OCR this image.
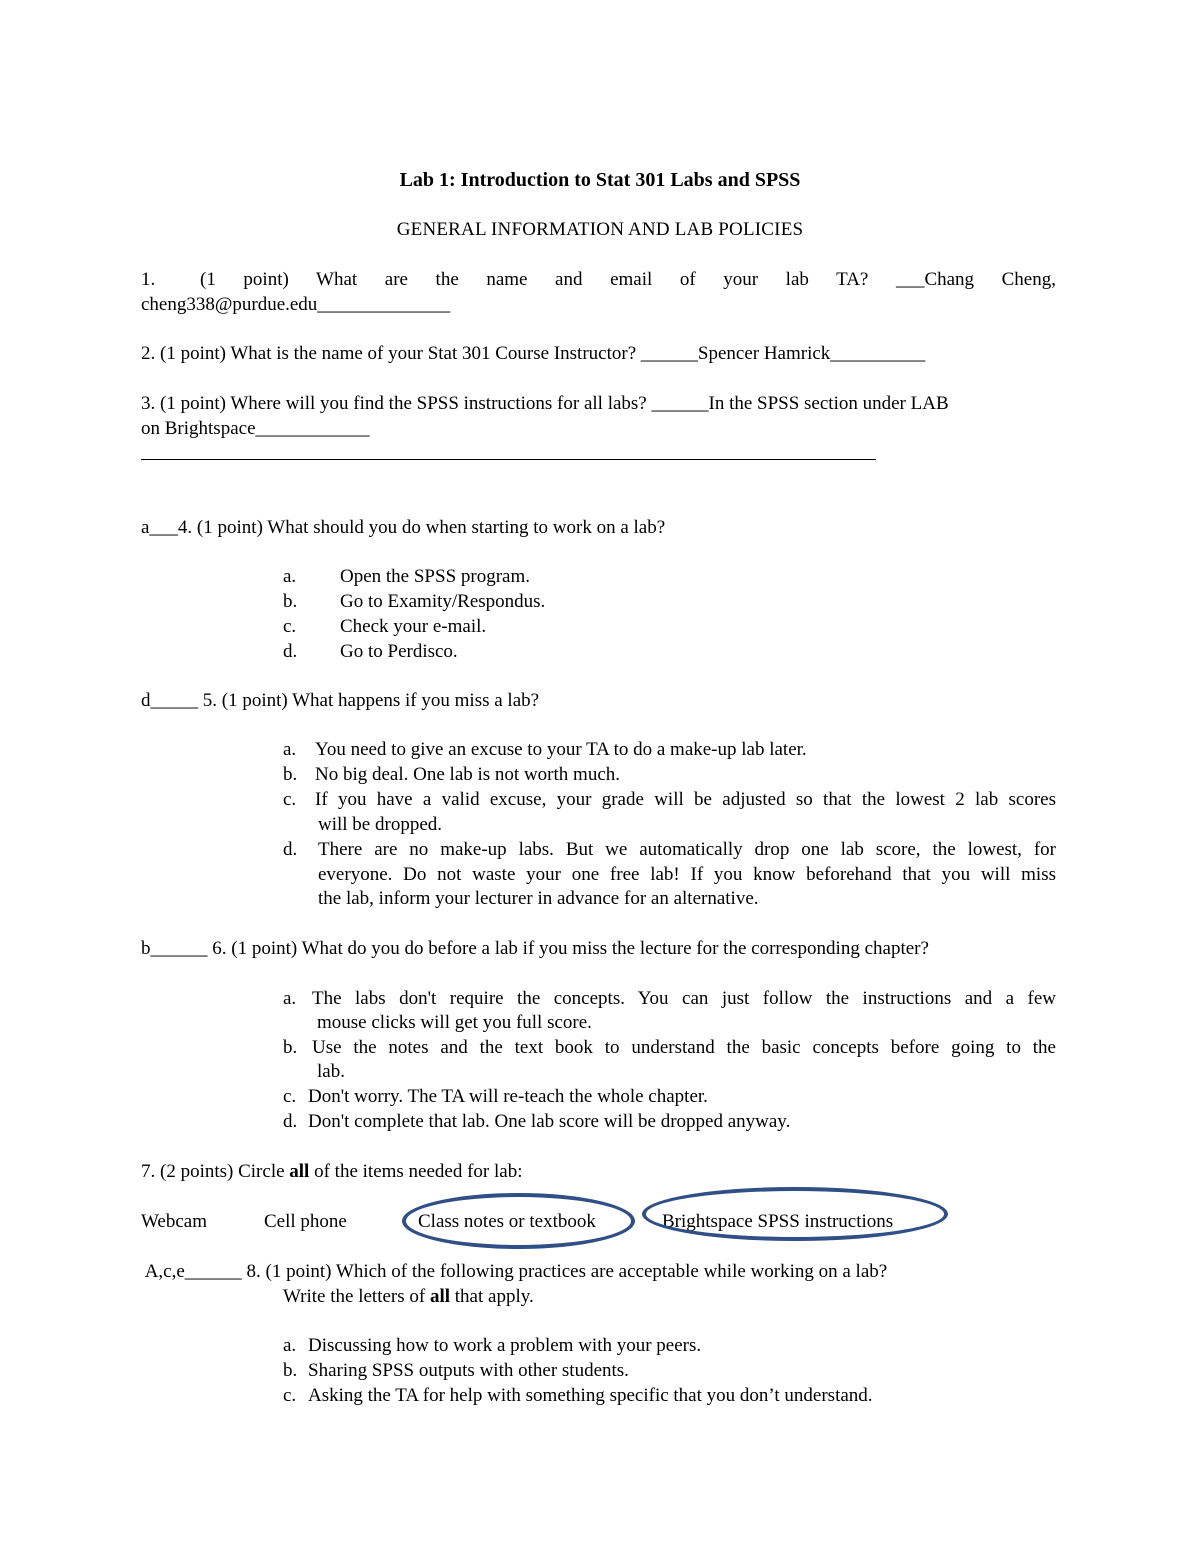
Lab 1: Introduction to Stat 301 Labs and SPSS
GENERAL INFORMATION AND LAB POLICIES
1. (1 point) What are the name and email of your lab TA? ___Chang Cheng,
cheng338@purdue.edu______________
2. (1 point) What is the name of your Stat 301 Course Instructor? ______Spencer Hamrick__________
3. (1 point) Where will you find the SPSS instructions for all labs? ______In the SPSS section under LAB
on Brightspace____________
a___4. (1 point) What should you do when starting to work on a lab?
a. Open the SPSS program.
b. Go to Examity/Respondus.
c. Check your e-mail.
d. Go to Perdisco.
d_____ 5. (1 point) What happens if you miss a lab?
a. You need to give an excuse to your TA to do a make-up lab later.
b. No big deal. One lab is not worth much.
c. If you have a valid excuse, your grade will be adjusted so that the lowest 2 lab scores
will be dropped.
d. There are no make-up labs. But we automatically drop one lab score, the lowest, for
everyone. Do not waste your one free lab! If you know beforehand that you will miss
the lab, inform your lecturer in advance for an alternative.
b______ 6. (1 point) What do you do before a lab if you miss the lecture for the corresponding chapter?
a. The labs don't require the concepts. You can just follow the instructions and a few
mouse clicks will get you full score.
b. Use the notes and the text book to understand the basic concepts before going to the
lab.
c. Don't worry. The TA will re-teach the whole chapter.
d. Don't complete that lab. One lab score will be dropped anyway.
7. (2 points) Circle all of the items needed for lab:
Webcam	Cell phone	Class notes or textbook	Brightspace SPSS instructions
A,c,e______ 8. (1 point) Which of the following practices are acceptable while working on a lab?
Write the letters of all that apply.
a. Discussing how to work a problem with your peers.
b. Sharing SPSS outputs with other students.
c. Asking the TA for help with something specific that you don’t understand.
